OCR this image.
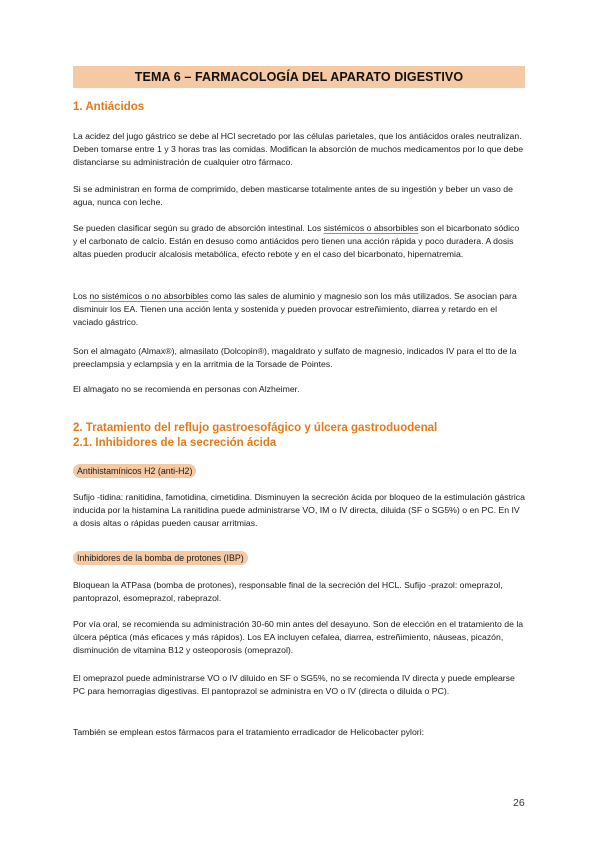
TEMA 6 – FARMACOLOGÍA DEL APARATO DIGESTIVO
1. Antiácidos

La acidez del jugo gástrico se debe al HCl secretado por las células parietales, que los antiácidos orales neutralizan. Deben tomarse entre 1 y 3 horas tras las comidas. Modifican la absorción de muchos medicamentos por lo que debe distanciarse su administración de cualquier otro fármaco.

Si se administran en forma de comprimido, deben masticarse totalmente antes de su ingestión y beber un vaso de agua, nunca con leche.

Se pueden clasificar según su grado de absorción intestinal. Los sistémicos o absorbibles son el bicarbonato sódico y el carbonato de calcio. Están en desuso como antiácidos pero tienen una acción rápida y poco duradera. A dosis altas pueden producir alcalosis metabólica, efecto rebote y en el caso del bicarbonato, hipernatremia.

Los no sistémicos o no absorbibles como las sales de aluminio y magnesio son los más utilizados. Se asocian para disminuir los EA. Tienen una acción lenta y sostenida y pueden provocar estreñimiento, diarrea y retardo en el vaciado gástrico.

Son el almagato (Almax®), almasilato (Dolcopin®), magaldrato y sulfato de magnesio, indicados IV para el tto de la preeclampsia y eclampsia y en la arritmia de la Torsade de Pointes.

El almagato no se recomienda en personas con Alzheimer.

2. Tratamiento del reflujo gastroesofágico y úlcera gastroduodenal
2.1. Inhibidores de la secreción ácida
Antihistamínicos H2 (anti-H2)

Sufijo -tidina: ranitidina, famotidina, cimetidina. Disminuyen la secreción ácida por bloqueo de la estimulación gástrica inducida por la histamina La ranitidina puede administrarse VO, IM o IV directa, diluida (SF o SG5%) o en PC. En IV a dosis altas o rápidas pueden causar arritmias.

Inhibidores de la bomba de protones (IBP)

Bloquean la ATPasa (bomba de protones), responsable final de la secreción del HCL. Sufijo -prazol: omeprazol, pantoprazol, esomeprazol, rabeprazol.

Por vía oral, se recomienda su administración 30-60 min antes del desayuno. Son de elección en el tratamiento de la úlcera péptica (más eficaces y más rápidos). Los EA incluyen cefalea, diarrea, estreñimiento, náuseas, picazón, disminución de vitamina B12 y osteoporosis (omeprazol).

El omeprazol puede administrarse VO o IV diluido en SF o SG5%, no se recomienda IV directa y puede emplearse PC para hemorragias digestivas. El pantoprazol se administra en VO o IV (directa o diluida o PC).

También se emplean estos fármacos para el tratamiento erradicador de Helicobacter pylori:

26
